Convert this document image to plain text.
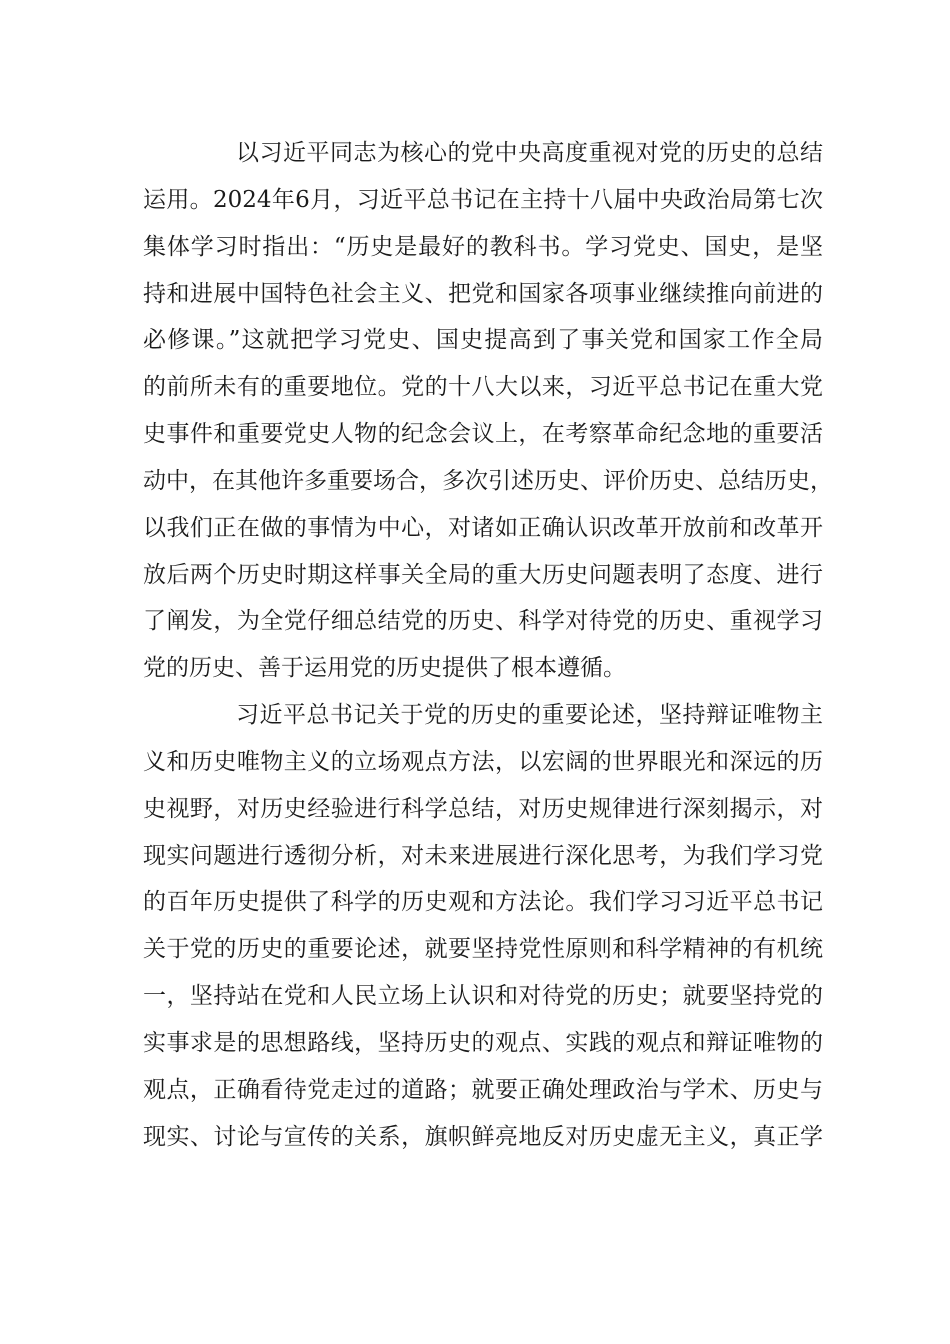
以习近平同志为核心的党中央高度重视对党的历史的总结
运用。2024年6月，习近平总书记在主持十八届中央政治局第七次
集体学习时指出：“历史是最好的教科书。学习党史、国史，是坚
持和进展中国特色社会主义、把党和国家各项事业继续推向前进的
必修课。”这就把学习党史、国史提高到了事关党和国家工作全局
的前所未有的重要地位。党的十八大以来，习近平总书记在重大党
史事件和重要党史人物的纪念会议上，在考察革命纪念地的重要活
动中，在其他许多重要场合，多次引述历史、评价历史、总结历史，
以我们正在做的事情为中心，对诸如正确认识改革开放前和改革开
放后两个历史时期这样事关全局的重大历史问题表明了态度、进行
了阐发，为全党仔细总结党的历史、科学对待党的历史、重视学习
党的历史、善于运用党的历史提供了根本遵循。
习近平总书记关于党的历史的重要论述，坚持辩证唯物主
义和历史唯物主义的立场观点方法，以宏阔的世界眼光和深远的历
史视野，对历史经验进行科学总结，对历史规律进行深刻揭示，对
现实问题进行透彻分析，对未来进展进行深化思考，为我们学习党
的百年历史提供了科学的历史观和方法论。我们学习习近平总书记
关于党的历史的重要论述，就要坚持党性原则和科学精神的有机统
一，坚持站在党和人民立场上认识和对待党的历史；就要坚持党的
实事求是的思想路线，坚持历史的观点、实践的观点和辩证唯物的
观点，正确看待党走过的道路；就要正确处理政治与学术、历史与
现实、讨论与宣传的关系，旗帜鲜亮地反对历史虚无主义，真正学
